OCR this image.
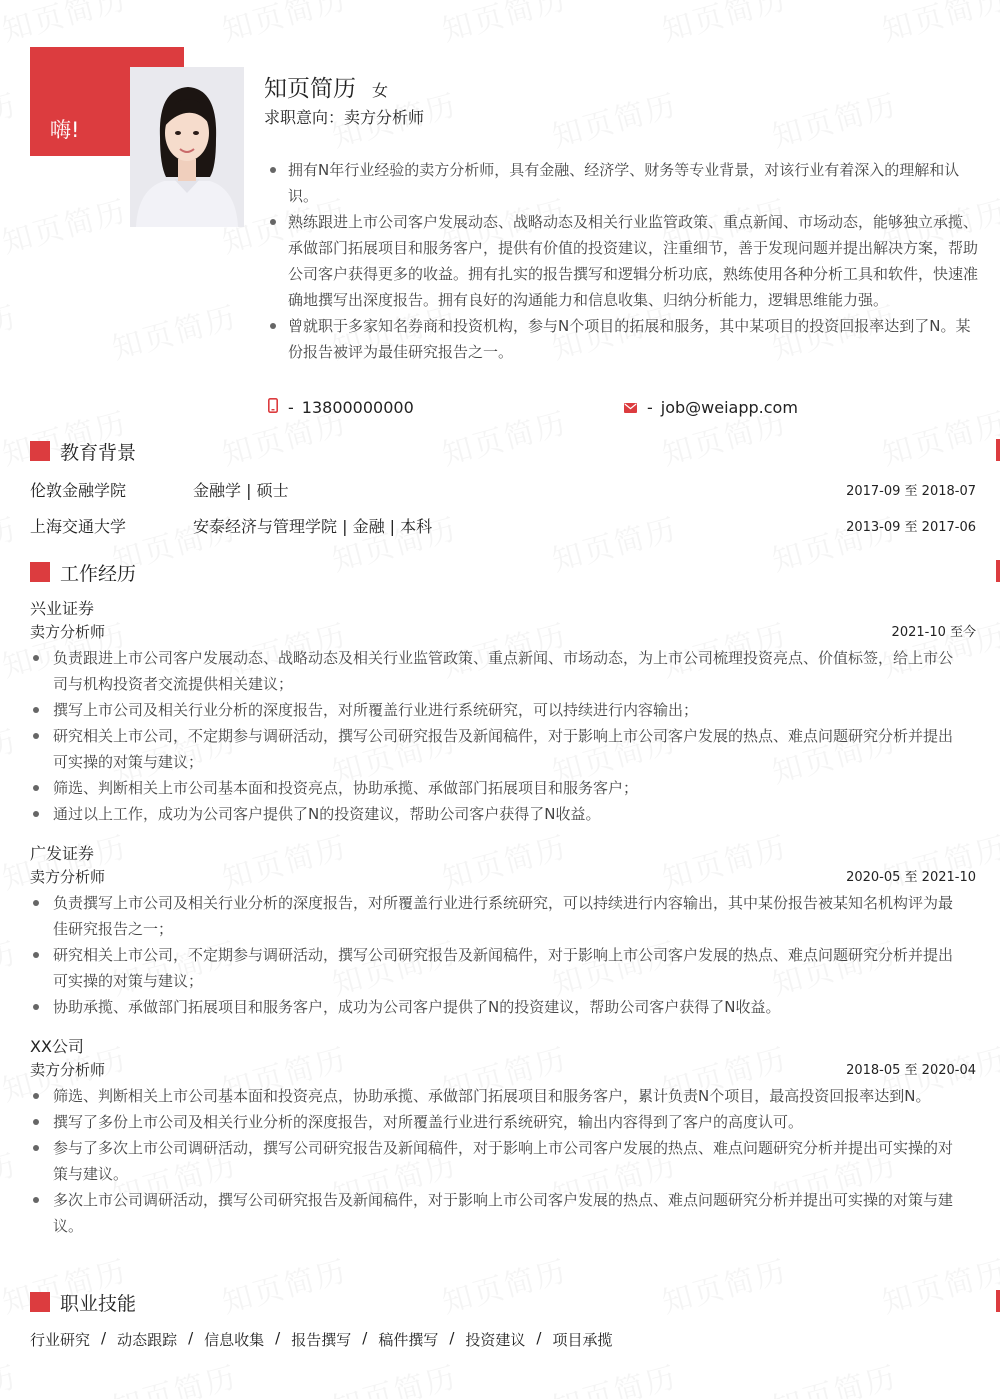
嗨!
知页简历 女
求职意向：卖方分析师
拥有N年行业经验的卖方分析师，具有金融、经济学、财务等专业背景，对该行业有着深入的理解和认识。
熟练跟进上市公司客户发展动态、战略动态及相关行业监管政策、重点新闻、市场动态，能够独立承揽、承做部门拓展项目和服务客户，提供有价值的投资建议，注重细节，善于发现问题并提出解决方案，帮助公司客户获得更多的收益。拥有扎实的报告撰写和逻辑分析功底，熟练使用各种分析工具和软件，快速准确地撰写出深度报告。拥有良好的沟通能力和信息收集、归纳分析能力，逻辑思维能力强。
曾就职于多家知名券商和投资机构，参与N个项目的拓展和服务，其中某项目的投资回报率达到了N。某份报告被评为最佳研究报告之一。
- 13800000000	- job@weiapp.com
教育背景
伦敦金融学院	金融学 | 硕士	2017-09 至 2018-07
上海交通大学	安泰经济与管理学院 | 金融 | 本科	2013-09 至 2017-06
工作经历
兴业证券
卖方分析师	2021-10 至今
负责跟进上市公司客户发展动态、战略动态及相关行业监管政策、重点新闻、市场动态，为上市公司梳理投资亮点、价值标签，给上市公司与机构投资者交流提供相关建议；
撰写上市公司及相关行业分析的深度报告，对所覆盖行业进行系统研究，可以持续进行内容输出；
研究相关上市公司，不定期参与调研活动，撰写公司研究报告及新闻稿件，对于影响上市公司客户发展的热点、难点问题研究分析并提出可实操的对策与建议；
筛选、判断相关上市公司基本面和投资亮点，协助承揽、承做部门拓展项目和服务客户；
通过以上工作，成功为公司客户提供了N的投资建议，帮助公司客户获得了N收益。
广发证券
卖方分析师	2020-05 至 2021-10
负责撰写上市公司及相关行业分析的深度报告，对所覆盖行业进行系统研究，可以持续进行内容输出，其中某份报告被某知名机构评为最佳研究报告之一；
研究相关上市公司，不定期参与调研活动，撰写公司研究报告及新闻稿件，对于影响上市公司客户发展的热点、难点问题研究分析并提出可实操的对策与建议；
协助承揽、承做部门拓展项目和服务客户，成功为公司客户提供了N的投资建议，帮助公司客户获得了N收益。
XX公司
卖方分析师	2018-05 至 2020-04
筛选、判断相关上市公司基本面和投资亮点，协助承揽、承做部门拓展项目和服务客户，累计负责N个项目，最高投资回报率达到N。
撰写了多份上市公司及相关行业分析的深度报告，对所覆盖行业进行系统研究，输出内容得到了客户的高度认可。
参与了多次上市公司调研活动，撰写公司研究报告及新闻稿件，对于影响上市公司客户发展的热点、难点问题研究分析并提出可实操的对策与建议。
多次上市公司调研活动，撰写公司研究报告及新闻稿件，对于影响上市公司客户发展的热点、难点问题研究分析并提出可实操的对策与建议。
职业技能
行业研究 / 动态跟踪 / 信息收集 / 报告撰写 / 稿件撰写 / 投资建议 / 项目承揽
